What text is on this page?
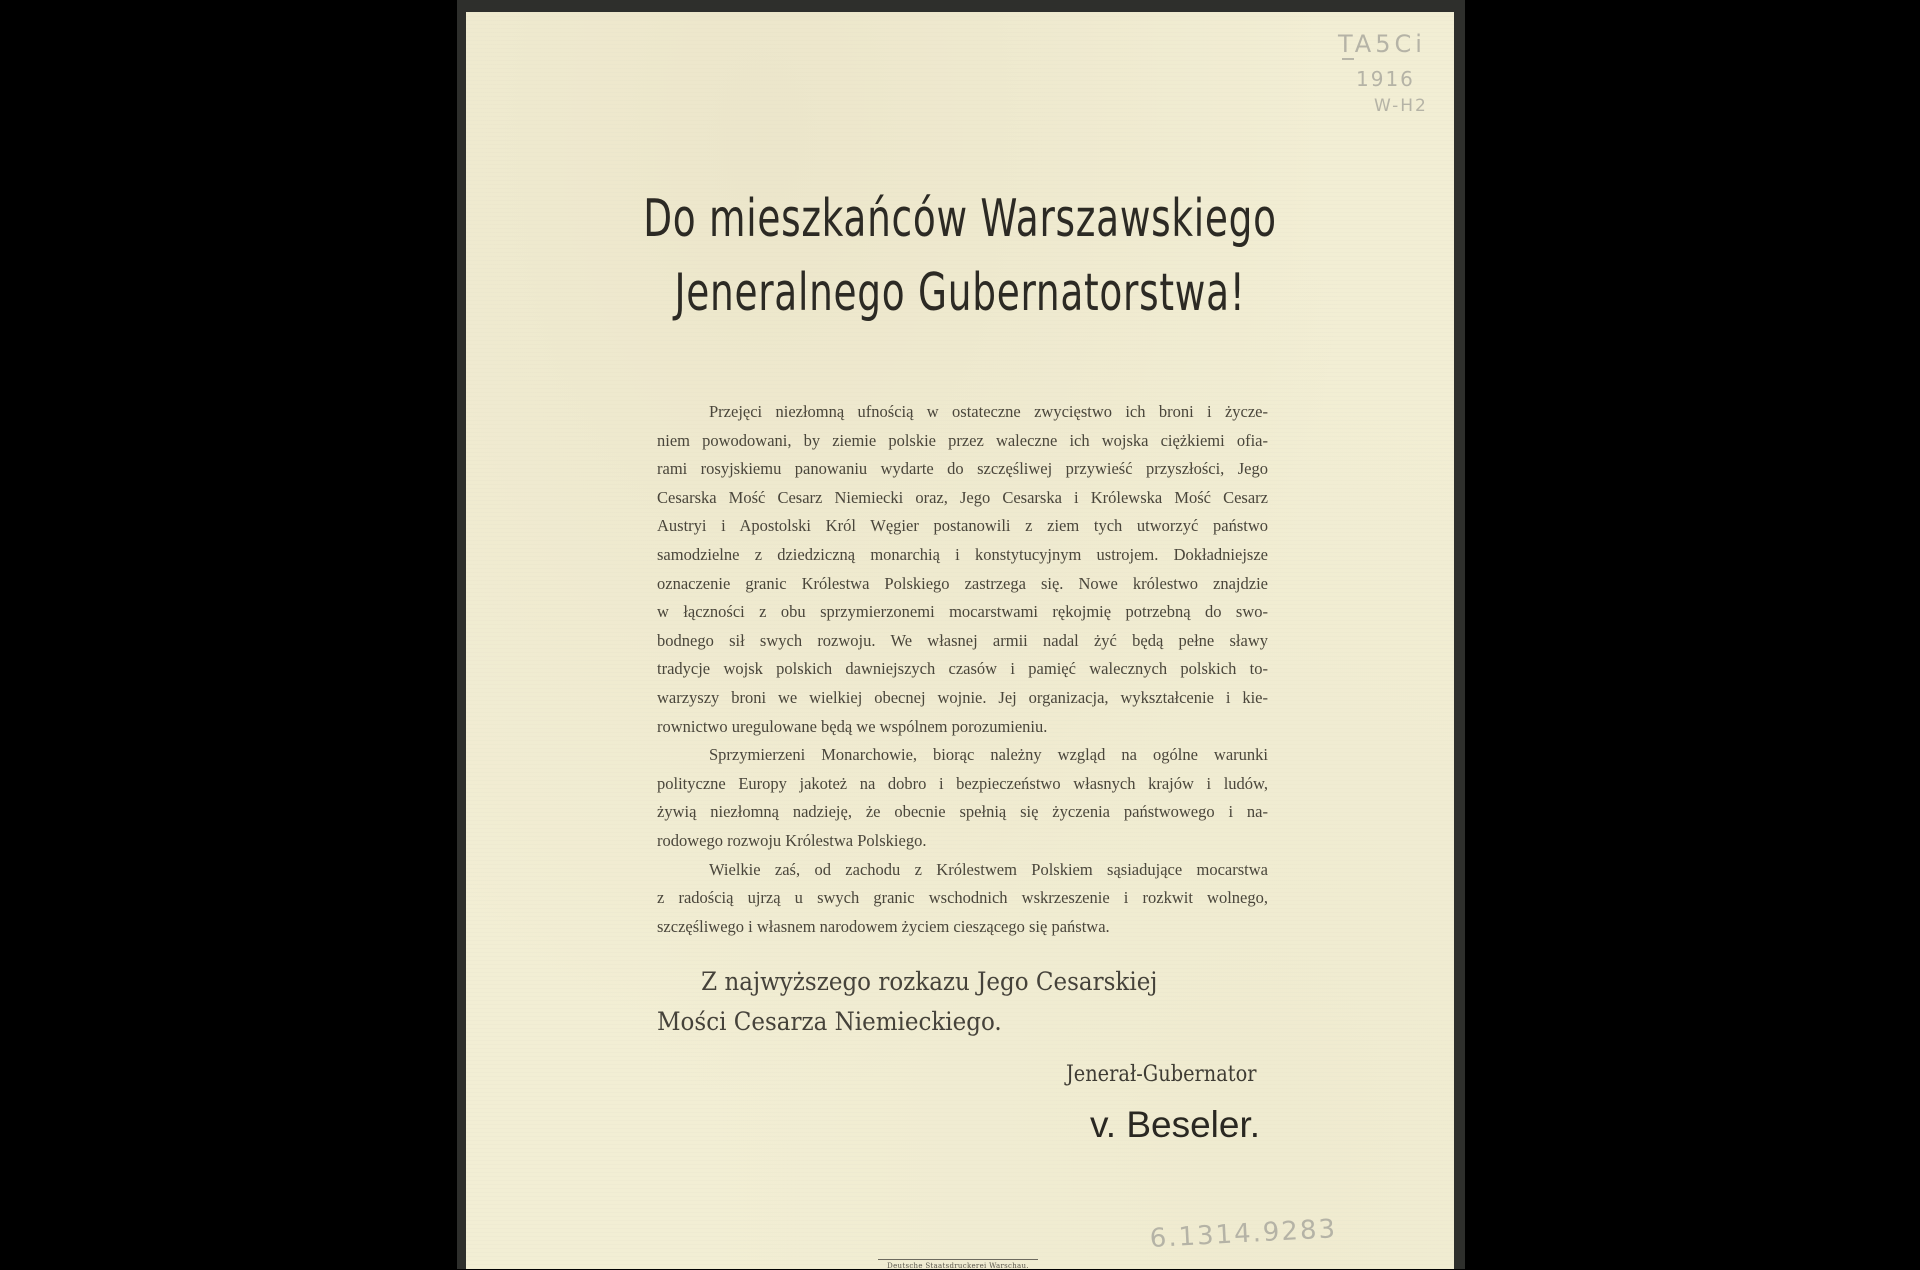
TA5Ci
1916
W-H2
Do mieszkańców Warszawskiego
Jeneralnego Gubernatorstwa!
Przejęci niezłomną ufnością w ostateczne zwycięstwo ich broni i życze-
niem powodowani, by ziemie polskie przez waleczne ich wojska ciężkiemi ofia-
rami rosyjskiemu panowaniu wydarte do szczęśliwej przywieść przyszłości, Jego
Cesarska Mość Cesarz Niemiecki oraz, Jego Cesarska i Królewska Mość Cesarz
Austryi i Apostolski Król Węgier postanowili z ziem tych utworzyć państwo
samodzielne z dziedziczną monarchią i konstytucyjnym ustrojem. Dokładniejsze
oznaczenie granic Królestwa Polskiego zastrzega się. Nowe królestwo znajdzie
w łączności z obu sprzymierzonemi mocarstwami rękojmię potrzebną do swo-
bodnego sił swych rozwoju. We własnej armii nadal żyć będą pełne sławy
tradycje wojsk polskich dawniejszych czasów i pamięć walecznych polskich to-
warzyszy broni we wielkiej obecnej wojnie. Jej organizacja, wykształcenie i kie-
rownictwo uregulowane będą we wspólnem porozumieniu.
Sprzymierzeni Monarchowie, biorąc należny wzgląd na ogólne warunki
polityczne Europy jakoteż na dobro i bezpieczeństwo własnych krajów i ludów,
żywią niezłomną nadzieję, że obecnie spełnią się życzenia państwowego i na-
rodowego rozwoju Królestwa Polskiego.
Wielkie zaś, od zachodu z Królestwem Polskiem sąsiadujące mocarstwa
z radością ujrzą u swych granic wschodnich wskrzeszenie i rozkwit wolnego,
szczęśliwego i własnem narodowem życiem cieszącego się państwa.
Z najwyższego rozkazu Jego Cesarskiej
Mości Cesarza Niemieckiego.
Jenerał-Gubernator
v. Beseler.
6.1314.9283
Deutsche Staatsdruckerei Warschau.
